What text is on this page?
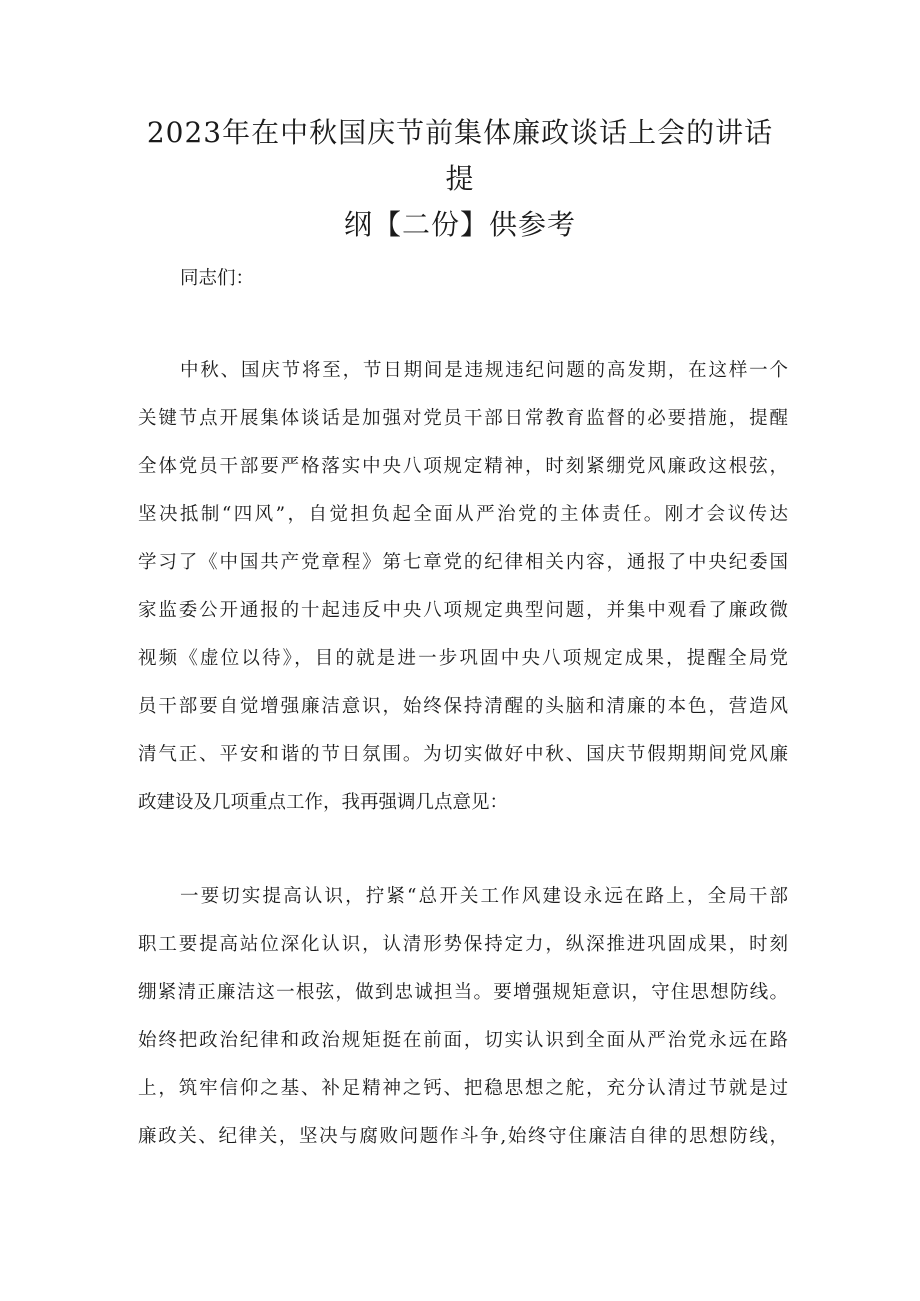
2023年在中秋国庆节前集体廉政谈话上会的讲话提
纲【二份】供参考

同志们：

中秋、国庆节将至，节日期间是违规违纪问题的高发期，在这样一个

关键节点开展集体谈话是加强对党员干部日常教育监督的必要措施，提醒

全体党员干部要严格落实中央八项规定精神，时刻紧绷党风廉政这根弦，

坚决抵制“四风”，自觉担负起全面从严治党的主体责任。刚才会议传达

学习了《中国共产党章程》第七章党的纪律相关内容，通报了中央纪委国

家监委公开通报的十起违反中央八项规定典型问题，并集中观看了廉政微

视频《虚位以待》，目的就是进一步巩固中央八项规定成果，提醒全局党

员干部要自觉增强廉洁意识，始终保持清醒的头脑和清廉的本色，营造风

清气正、平安和谐的节日氛围。为切实做好中秋、国庆节假期期间党风廉

政建设及几项重点工作，我再强调几点意见：

一要切实提高认识，拧紧“总开关工作风建设永远在路上，全局干部

职工要提高站位深化认识，认清形势保持定力，纵深推进巩固成果，时刻

绷紧清正廉洁这一根弦，做到忠诚担当。要增强规矩意识，守住思想防线。

始终把政治纪律和政治规矩挺在前面，切实认识到全面从严治党永远在路

上，筑牢信仰之基、补足精神之钙、把稳思想之舵，充分认清过节就是过

廉政关、纪律关，坚决与腐败问题作斗争,始终守住廉洁自律的思想防线，
